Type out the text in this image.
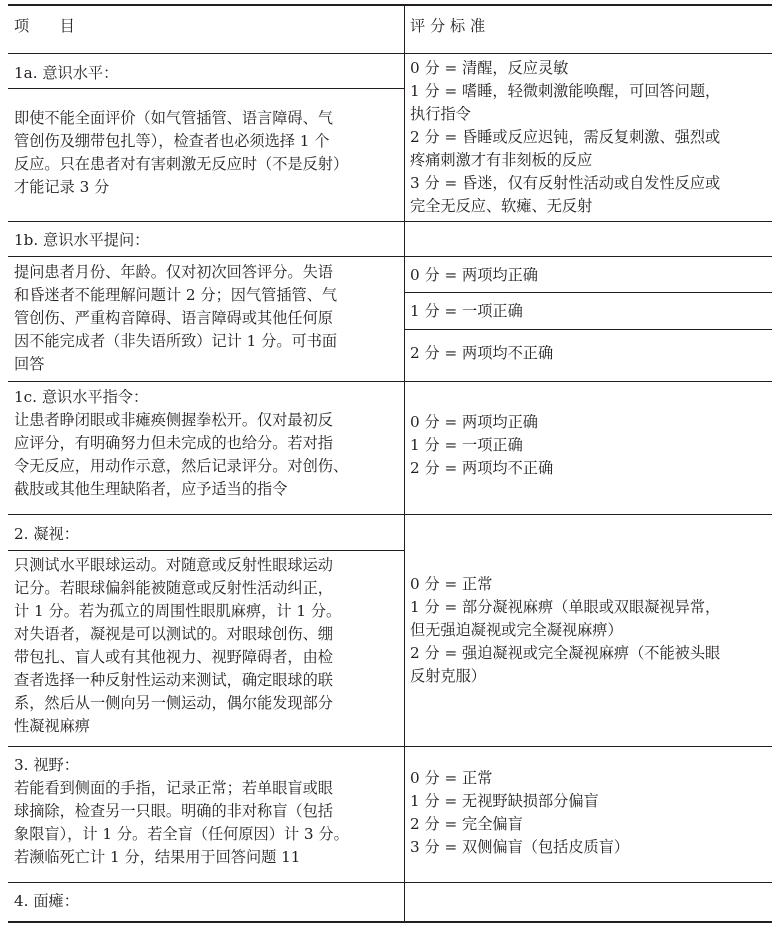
项　　目	评 分 标 准
1a. 意识水平：
即使不能全面评价（如气管插管、语言障碍、气
管创伤及绷带包扎等），检查者也必须选择 1 个
反应。只在患者对有害刺激无反应时（不是反射）
才能记录 3 分
0 分 = 清醒，反应灵敏
1 分 = 嗜睡，轻微刺激能唤醒，可回答问题，
执行指令
2 分 = 昏睡或反应迟钝，需反复刺激、强烈或
疼痛刺激才有非刻板的反应
3 分 = 昏迷，仅有反射性活动或自发性反应或
完全无反应、软瘫、无反射
1b. 意识水平提问：
提问患者月份、年龄。仅对初次回答评分。失语
和昏迷者不能理解问题计 2 分；因气管插管、气
管创伤、严重构音障碍、语言障碍或其他任何原
因不能完成者（非失语所致）记计 1 分。可书面
回答
0 分 = 两项均正确
1 分 = 一项正确
2 分 = 两项均不正确
1c. 意识水平指令：
让患者睁闭眼或非瘫痪侧握拳松开。仅对最初反
应评分，有明确努力但未完成的也给分。若对指
令无反应，用动作示意，然后记录评分。对创伤、
截肢或其他生理缺陷者，应予适当的指令
0 分 = 两项均正确
1 分 = 一项正确
2 分 = 两项均不正确
2. 凝视：
只测试水平眼球运动。对随意或反射性眼球运动
记分。若眼球偏斜能被随意或反射性活动纠正，
计 1 分。若为孤立的周围性眼肌麻痹，计 1 分。
对失语者，凝视是可以测试的。对眼球创伤、绷
带包扎、盲人或有其他视力、视野障碍者，由检
查者选择一种反射性运动来测试，确定眼球的联
系，然后从一侧向另一侧运动，偶尔能发现部分
性凝视麻痹
0 分 = 正常
1 分 = 部分凝视麻痹（单眼或双眼凝视异常，
但无强迫凝视或完全凝视麻痹）
2 分 = 强迫凝视或完全凝视麻痹（不能被头眼
反射克服）
3. 视野：
若能看到侧面的手指，记录正常；若单眼盲或眼
球摘除，检查另一只眼。明确的非对称盲（包括
象限盲），计 1 分。若全盲（任何原因）计 3 分。
若濒临死亡计 1 分，结果用于回答问题 11
0 分 = 正常
1 分 = 无视野缺损部分偏盲
2 分 = 完全偏盲
3 分 = 双侧偏盲（包括皮质盲）
4. 面瘫：
